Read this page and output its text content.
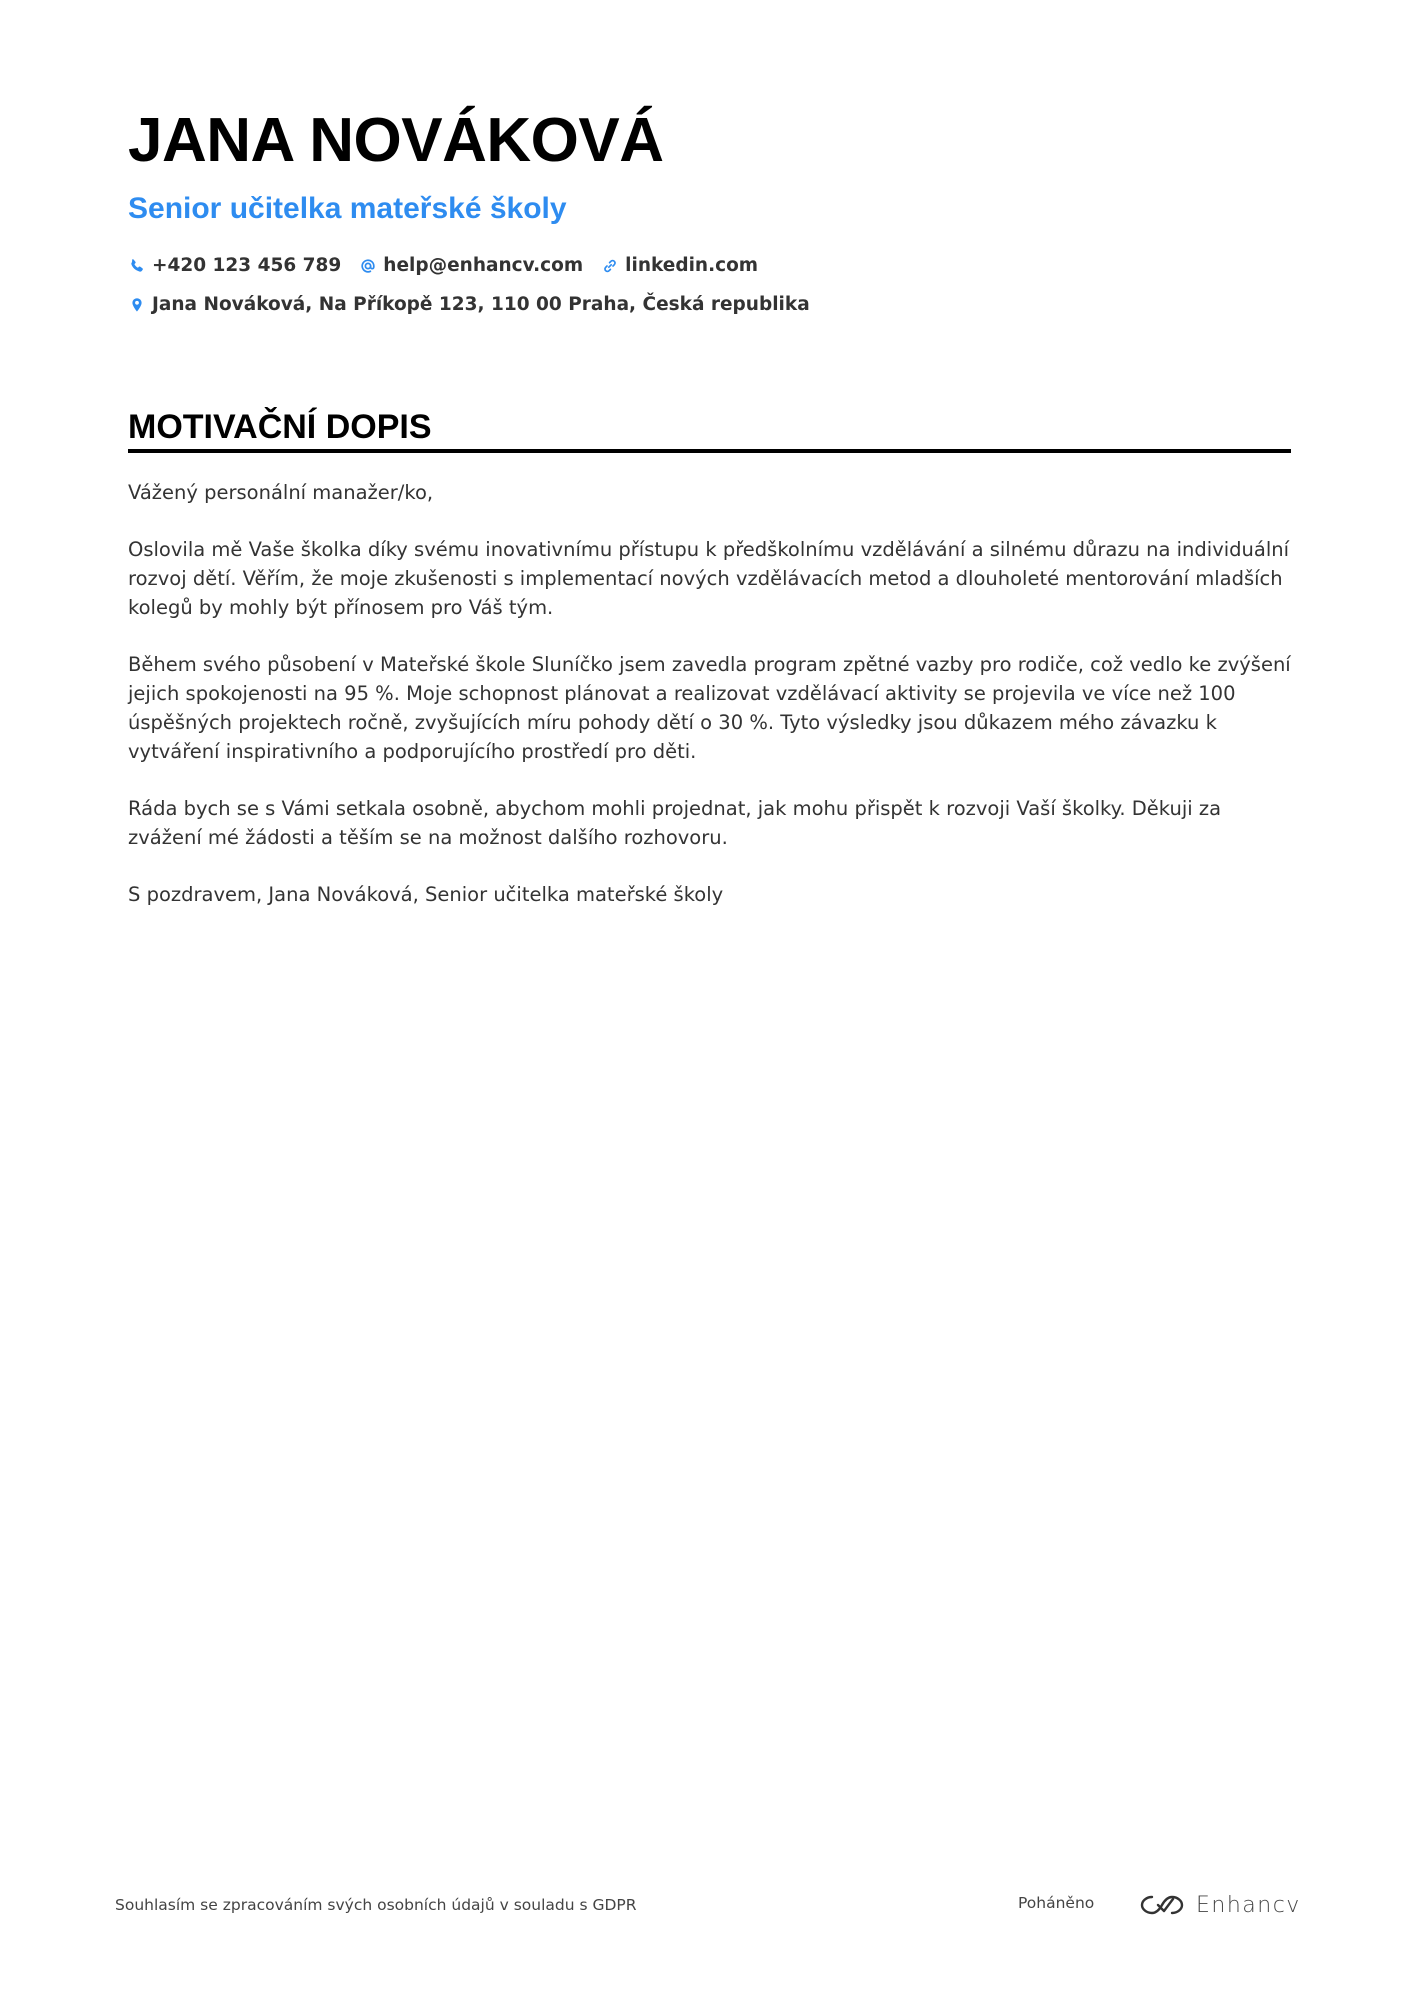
JANA NOVÁKOVÁ
Senior učitelka mateřské školy
+420 123 456 789 help@enhancv.com linkedin.com
Jana Nováková, Na Příkopě 123, 110 00 Praha, Česká republika
MOTIVAČNÍ DOPIS

Vážený personální manažer/ko,

Oslovila mě Vaše školka díky svému inovativnímu přístupu k předškolnímu vzdělávání a silnému důrazu na individuální rozvoj dětí. Věřím, že moje zkušenosti s implementací nových vzdělávacích metod a dlouholeté mentorování mladších kolegů by mohly být přínosem pro Váš tým.

Během svého působení v Mateřské škole Sluníčko jsem zavedla program zpětné vazby pro rodiče, což vedlo ke zvýšení jejich spokojenosti na 95 %. Moje schopnost plánovat a realizovat vzdělávací aktivity se projevila ve více než 100 úspěšných projektech ročně, zvyšujících míru pohody dětí o 30 %. Tyto výsledky jsou důkazem mého závazku k vytváření inspirativního a podporujícího prostředí pro děti.

Ráda bych se s Vámi setkala osobně, abychom mohli projednat, jak mohu přispět k rozvoji Vaší školky. Děkuji za zvážení mé žádosti a těším se na možnost dalšího rozhovoru.

S pozdravem, Jana Nováková, Senior učitelka mateřské školy

Souhlasím se zpracováním svých osobních údajů v souladu s GDPR	Poháněno	Enhancv
